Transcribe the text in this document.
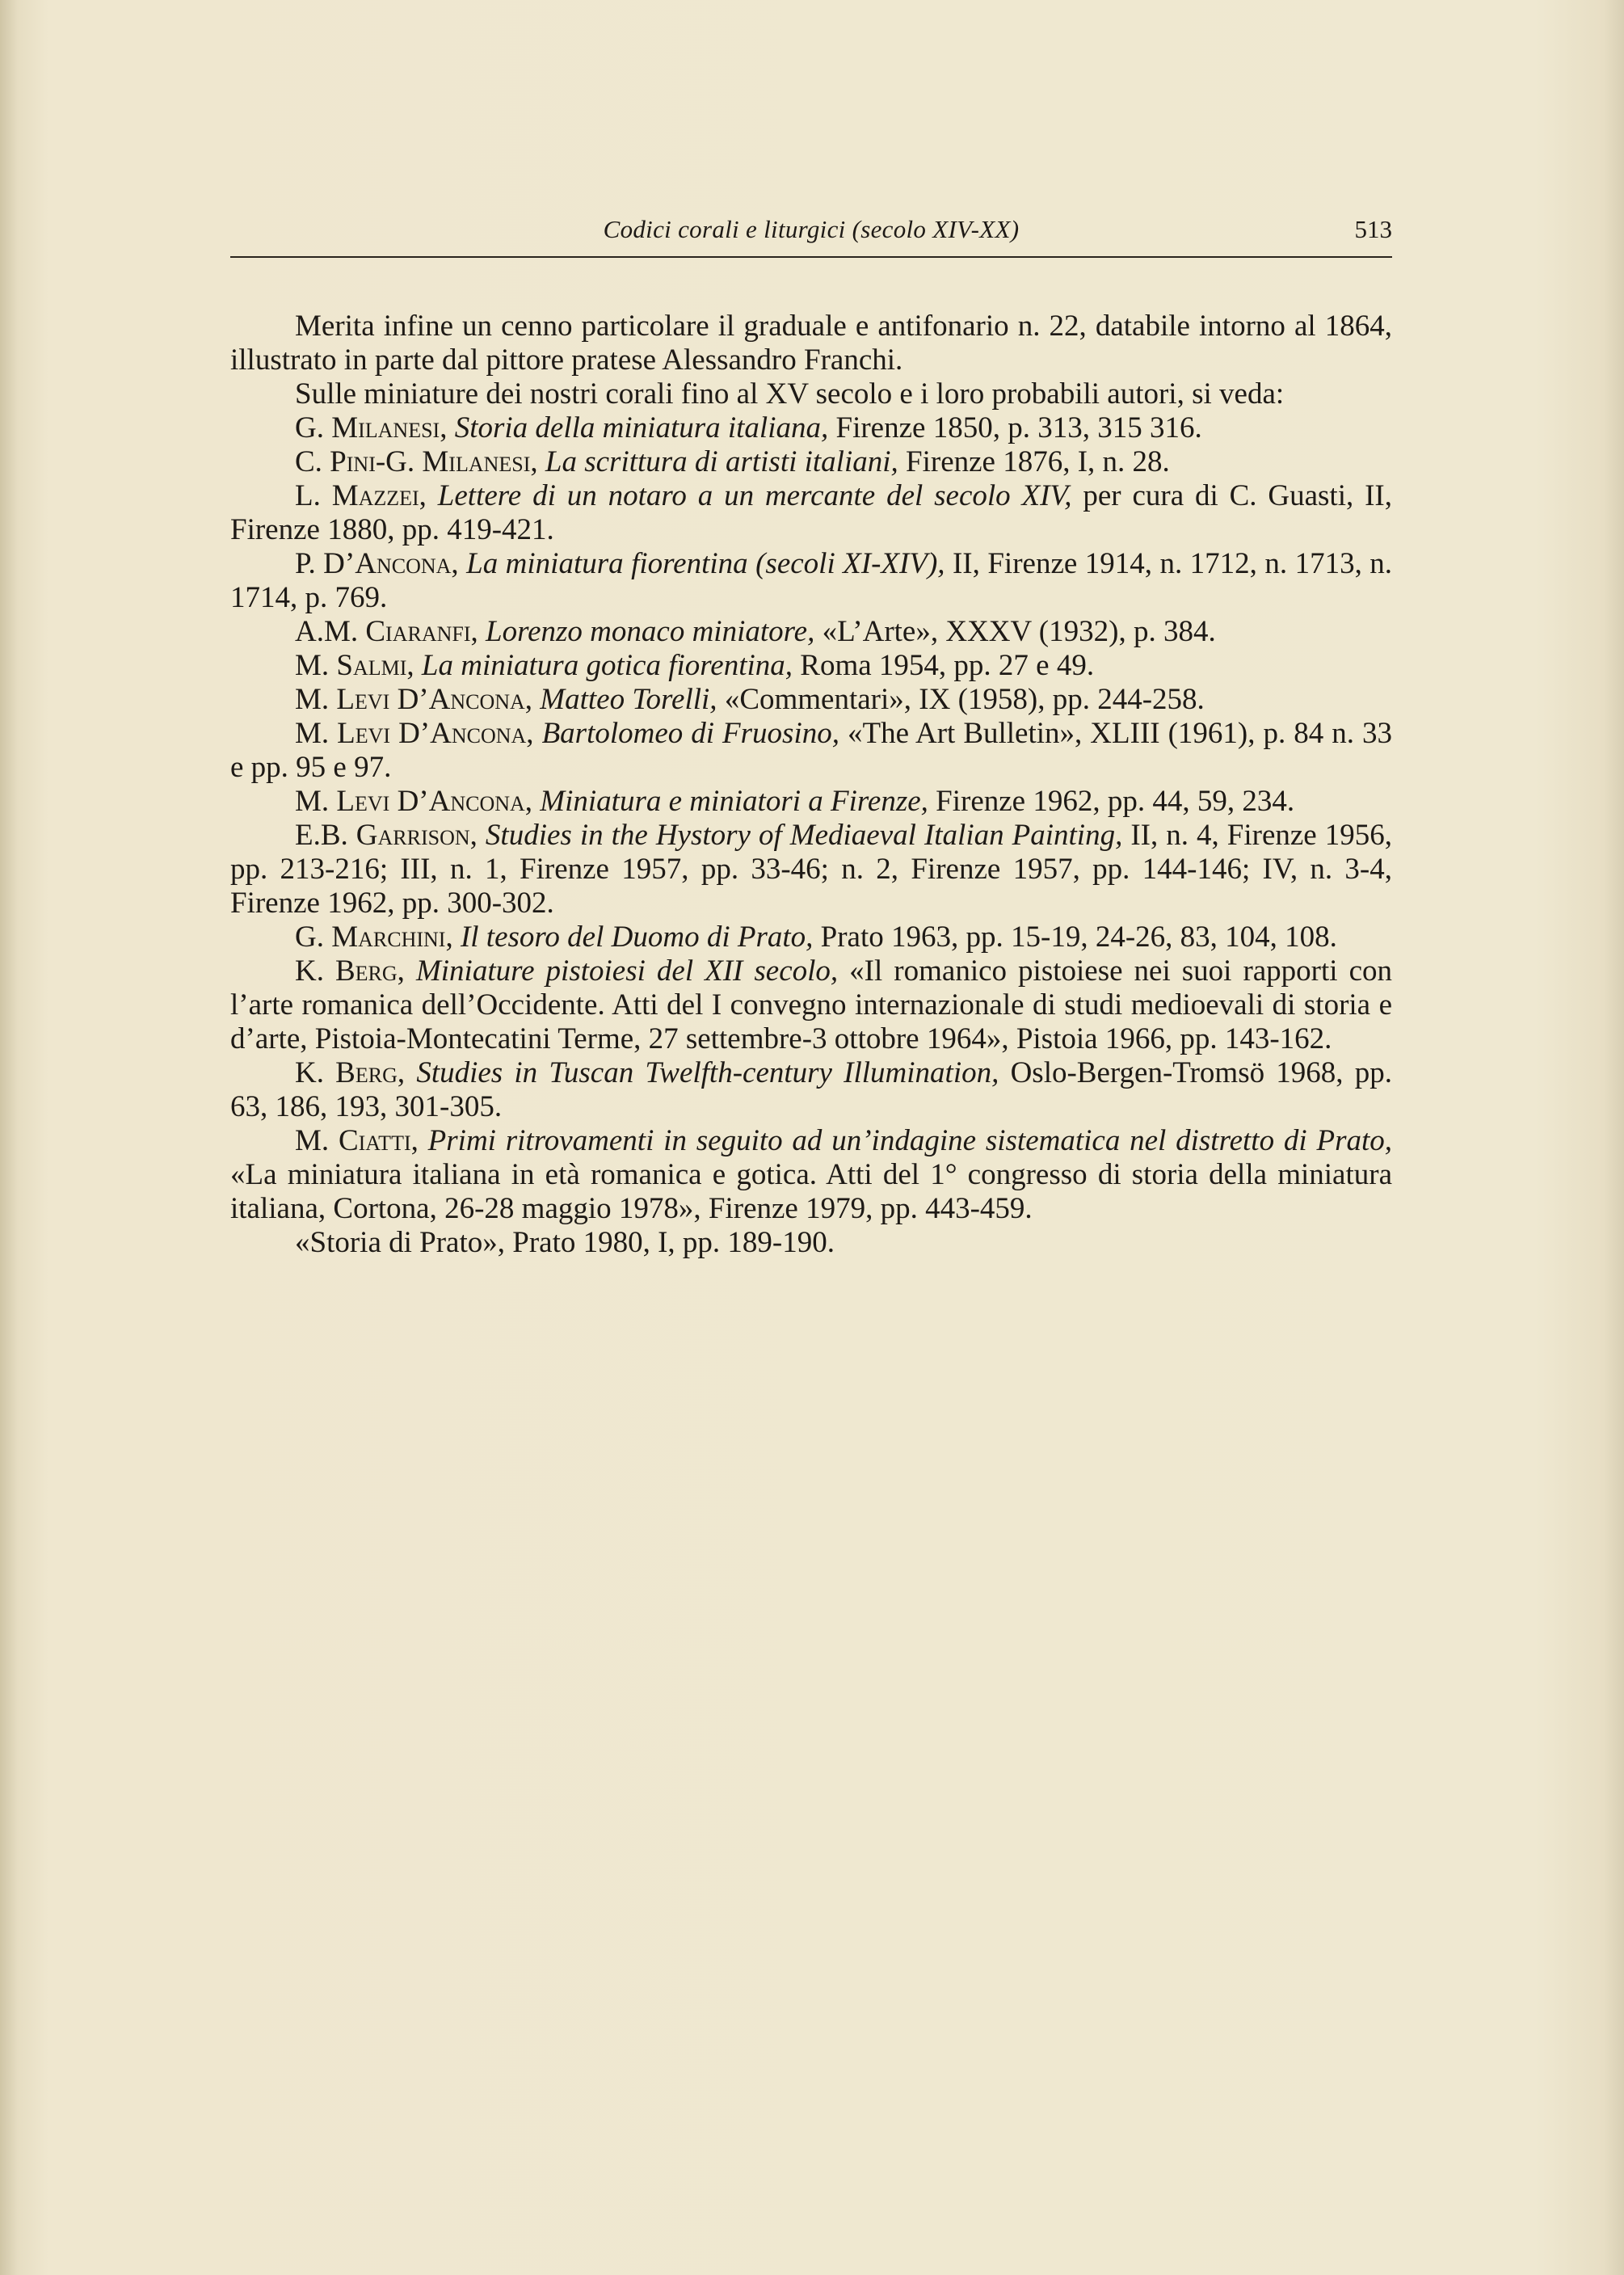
Codici corali e liturgici (secolo XIV-XX)	513

Merita infine un cenno particolare il graduale e antifonario n. 22, databile intorno al 1864, illustrato in parte dal pittore pratese Alessandro Franchi.

Sulle miniature dei nostri corali fino al XV secolo e i loro probabili autori, si veda:

G. Milanesi, Storia della miniatura italiana, Firenze 1850, p. 313, 315 316.

C. Pini-G. Milanesi, La scrittura di artisti italiani, Firenze 1876, I, n. 28.

L. Mazzei, Lettere di un notaro a un mercante del secolo XIV, per cura di C. Guasti, II, Firenze 1880, pp. 419-421.

P. D’Ancona, La miniatura fiorentina (secoli XI-XIV), II, Firenze 1914, n. 1712, n. 1713, n. 1714, p. 769.

A.M. Ciaranfi, Lorenzo monaco miniatore, «L’Arte», XXXV (1932), p. 384.

M. Salmi, La miniatura gotica fiorentina, Roma 1954, pp. 27 e 49.

M. Levi D’Ancona, Matteo Torelli, «Commentari», IX (1958), pp. 244-258.

M. Levi D’Ancona, Bartolomeo di Fruosino, «The Art Bulletin», XLIII (1961), p. 84 n. 33 e pp. 95 e 97.

M. Levi D’Ancona, Miniatura e miniatori a Firenze, Firenze 1962, pp. 44, 59, 234.

E.B. Garrison, Studies in the Hystory of Mediaeval Italian Painting, II, n. 4, Firenze 1956, pp. 213-216; III, n. 1, Firenze 1957, pp. 33-46; n. 2, Firenze 1957, pp. 144-146; IV, n. 3-4, Firenze 1962, pp. 300-302.

G. Marchini, Il tesoro del Duomo di Prato, Prato 1963, pp. 15-19, 24-26, 83, 104, 108.

K. Berg, Miniature pistoiesi del XII secolo, «Il romanico pistoiese nei suoi rapporti con l’arte romanica dell’Occidente. Atti del I convegno internazionale di studi medioevali di storia e d’arte, Pistoia-Montecatini Terme, 27 settembre-3 ottobre 1964», Pistoia 1966, pp. 143-162.

K. Berg, Studies in Tuscan Twelfth-century Illumination, Oslo-Bergen-Tromsö 1968, pp. 63, 186, 193, 301-305.

M. Ciatti, Primi ritrovamenti in seguito ad un’indagine sistematica nel distretto di Prato, «La miniatura italiana in età romanica e gotica. Atti del 1° congresso di storia della miniatura italiana, Cortona, 26-28 maggio 1978», Firenze 1979, pp. 443-459.

«Storia di Prato», Prato 1980, I, pp. 189-190.
